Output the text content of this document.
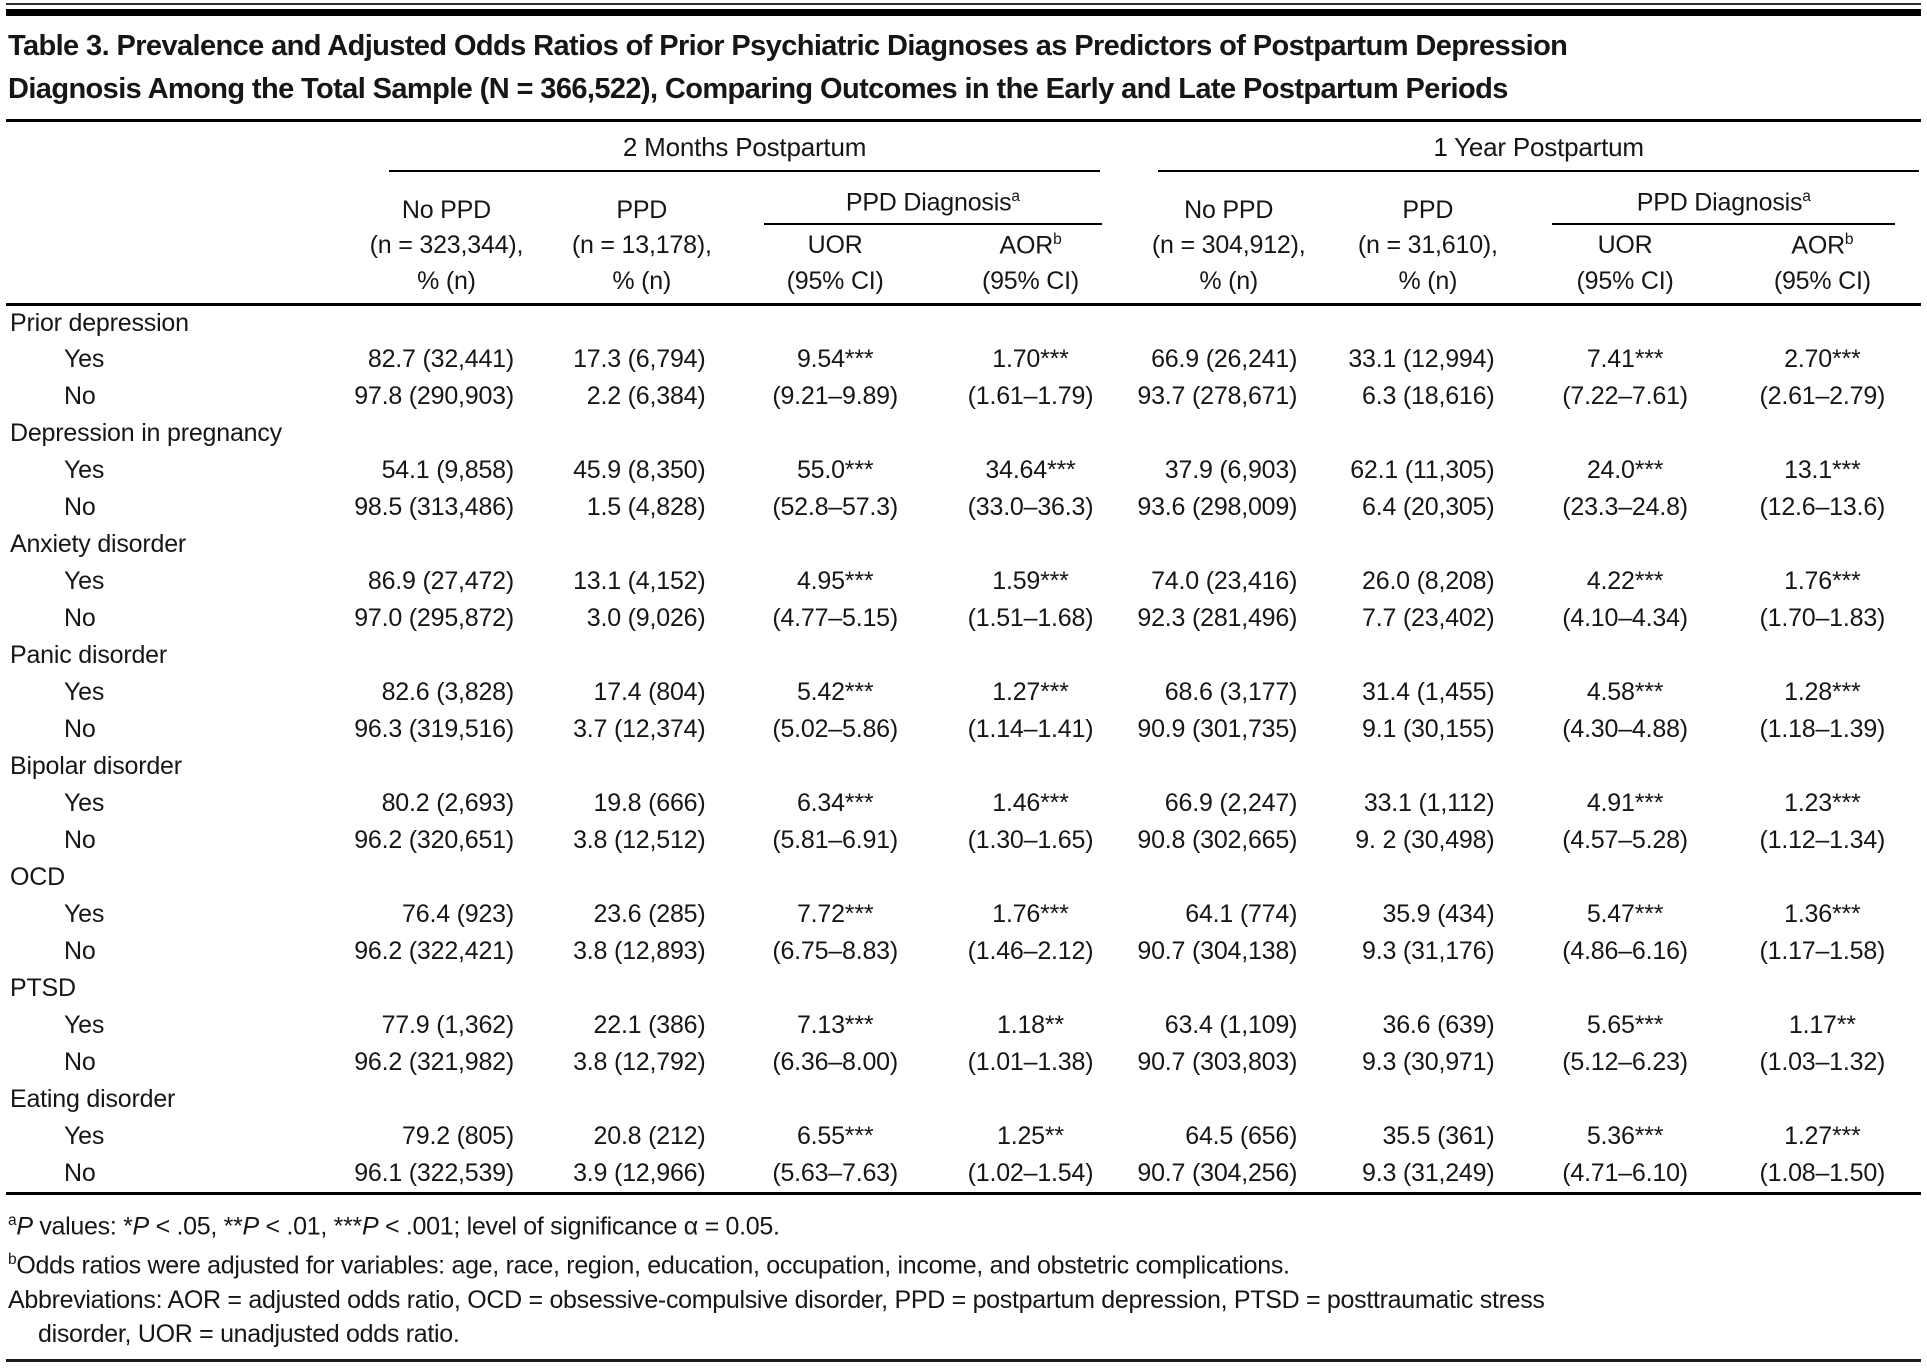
Table 3. Prevalence and Adjusted Odds Ratios of Prior Psychiatric Diagnoses as Predictors of Postpartum Depression
Diagnosis Among the Total Sample (N = 366,522), Comparing Outcomes in the Early and Late Postpartum Periods

	2 Months Postpartum				1 Year Postpartum			

	No PPD	PPD	PPD Diagnosis$^a$		No PPD	PPD	PPD Diagnosis$^a$

	(n = 323,344),	(n = 13,178),	UOR	AOR$^b$	(n = 304,912),	(n = 31,610),	UOR	AOR$^b$
	% (n)	% (n)	(95% CI)	(95% CI)	% (n)	% (n)	(95% CI)	(95% CI)
Prior depression								
Yes	82.7 (32,441)	17.3 (6,794)	9.54***	1.70***	66.9 (26,241)	33.1 (12,994)	7.41***	2.70***
No	97.8 (290,903)	2.2 (6,384)	(9.21–9.89)	(1.61–1.79)	93.7 (278,671)	6.3 (18,616)	(7.22–7.61)	(2.61–2.79)
Depression in pregnancy								
Yes	54.1 (9,858)	45.9 (8,350)	55.0***	34.64***	37.9 (6,903)	62.1 (11,305)	24.0***	13.1***
No	98.5 (313,486)	1.5 (4,828)	(52.8–57.3)	(33.0–36.3)	93.6 (298,009)	6.4 (20,305)	(23.3–24.8)	(12.6–13.6)
Anxiety disorder								
Yes	86.9 (27,472)	13.1 (4,152)	4.95***	1.59***	74.0 (23,416)	26.0 (8,208)	4.22***	1.76***
No	97.0 (295,872)	3.0 (9,026)	(4.77–5.15)	(1.51–1.68)	92.3 (281,496)	7.7 (23,402)	(4.10–4.34)	(1.70–1.83)
Panic disorder								
Yes	82.6 (3,828)	17.4 (804)	5.42***	1.27***	68.6 (3,177)	31.4 (1,455)	4.58***	1.28***
No	96.3 (319,516)	3.7 (12,374)	(5.02–5.86)	(1.14–1.41)	90.9 (301,735)	9.1 (30,155)	(4.30–4.88)	(1.18–1.39)
Bipolar disorder								
Yes	80.2 (2,693)	19.8 (666)	6.34***	1.46***	66.9 (2,247)	33.1 (1,112)	4.91***	1.23***
No	96.2 (320,651)	3.8 (12,512)	(5.81–6.91)	(1.30–1.65)	90.8 (302,665)	9. 2 (30,498)	(4.57–5.28)	(1.12–1.34)
OCD								
Yes	76.4 (923)	23.6 (285)	7.72***	1.76***	64.1 (774)	35.9 (434)	5.47***	1.36***
No	96.2 (322,421)	3.8 (12,893)	(6.75–8.83)	(1.46–2.12)	90.7 (304,138)	9.3 (31,176)	(4.86–6.16)	(1.17–1.58)
PTSD								
Yes	77.9 (1,362)	22.1 (386)	7.13***	1.18**	63.4 (1,109)	36.6 (639)	5.65***	1.17**
No	96.2 (321,982)	3.8 (12,792)	(6.36–8.00)	(1.01–1.38)	90.7 (303,803)	9.3 (30,971)	(5.12–6.23)	(1.03–1.32)
Eating disorder								
Yes	79.2 (805)	20.8 (212)	6.55***	1.25**	64.5 (656)	35.5 (361)	5.36***	1.27***
No	96.1 (322,539)	3.9 (12,966)	(5.63–7.63)	(1.02–1.54)	90.7 (304,256)	9.3 (31,249)	(4.71–6.10)	(1.08–1.50)
$^a$P values: *P < .05, **P < .01, ***P < .001; level of significance α = 0.05.
$^b$Odds ratios were adjusted for variables: age, race, region, education, occupation, income, and obstetric complications.
Abbreviations: AOR = adjusted odds ratio, OCD = obsessive-compulsive disorder, PPD = postpartum depression, PTSD = posttraumatic stress
disorder, UOR = unadjusted odds ratio.
